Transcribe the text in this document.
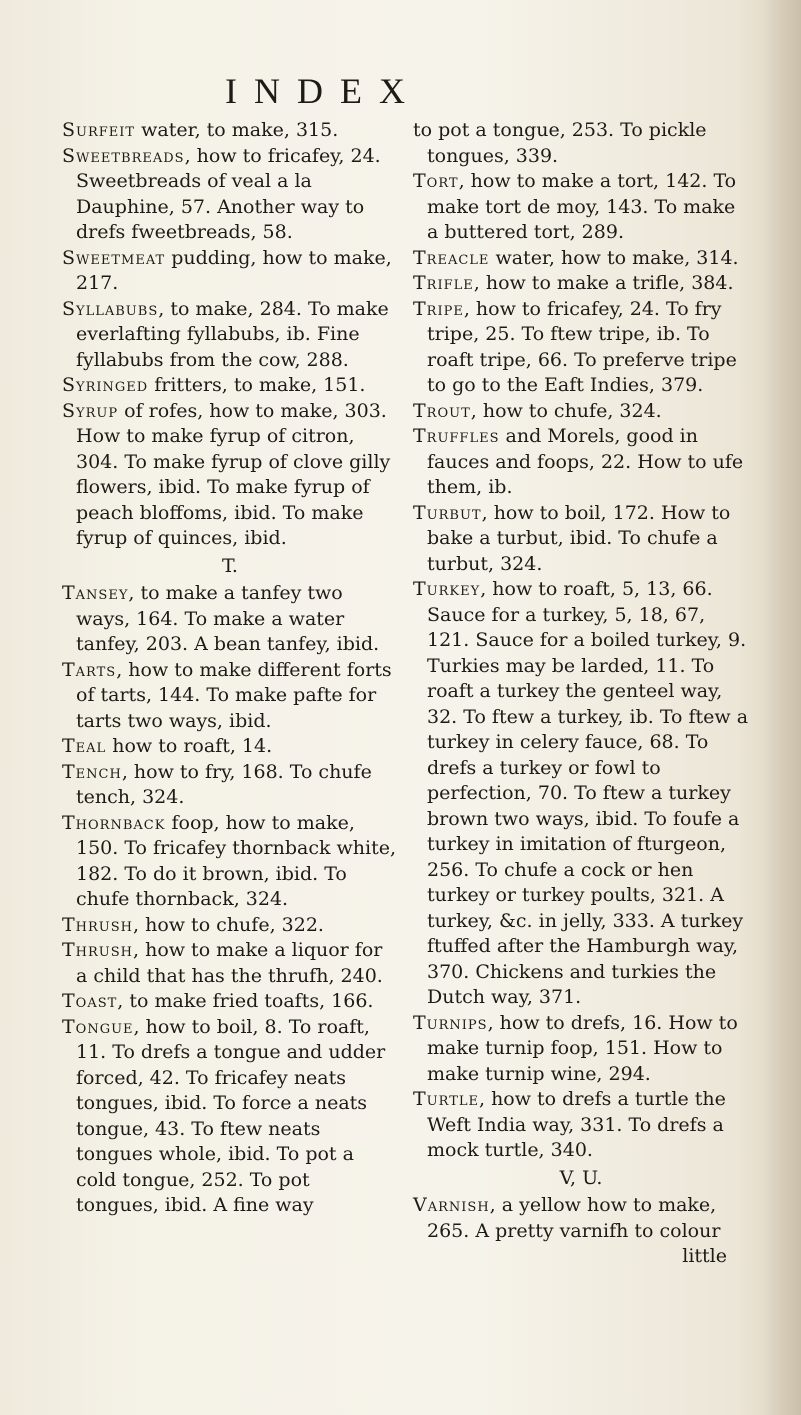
INDEX

Surfeit water, to make, 315.

Sweetbreads, how to fricafey, 24. Sweetbreads of veal a la Dauphine, 57. Another way to drefs fweetbreads, 58.

Sweetmeat pudding, how to make, 217.

Syllabubs, to make, 284. To make everlafting fyllabubs, ib. Fine fyllabubs from the cow, 288.

Syringed fritters, to make, 151.

Syrup of rofes, how to make, 303. How to make fyrup of citron, 304. To make fyrup of clove gilly flowers, ibid. To make fyrup of peach bloffoms, ibid. To make fyrup of quinces, ibid.

T.

Tansey, to make a tanfey two ways, 164. To make a water tanfey, 203. A bean tanfey, ibid.

Tarts, how to make different forts of tarts, 144. To make pafte for tarts two ways, ibid.

Teal how to roaft, 14.

Tench, how to fry, 168. To chufe tench, 324.

Thornback foop, how to make, 150. To fricafey thornback white, 182. To do it brown, ibid. To chufe thornback, 324.

Thrush, how to chufe, 322.

Thrush, how to make a liquor for a child that has the thrufh, 240.

Toast, to make fried toafts, 166.

Tongue, how to boil, 8. To roaft, 11. To drefs a tongue and udder forced, 42. To fricafey neats tongues, ibid. To force a neats tongue, 43. To ftew neats tongues whole, ibid. To pot a cold tongue, 252. To pot tongues, ibid. A fine way

to pot a tongue, 253. To pickle tongues, 339.

Tort, how to make a tort, 142. To make tort de moy, 143. To make a buttered tort, 289.

Treacle water, how to make, 314.

Trifle, how to make a trifle, 384.

Tripe, how to fricafey, 24. To fry tripe, 25. To ftew tripe, ib. To roaft tripe, 66. To preferve tripe to go to the Eaft Indies, 379.

Trout, how to chufe, 324.

Truffles and Morels, good in fauces and foops, 22. How to ufe them, ib.

Turbut, how to boil, 172. How to bake a turbut, ibid. To chufe a turbut, 324.

Turkey, how to roaft, 5, 13, 66. Sauce for a turkey, 5, 18, 67, 121. Sauce for a boiled turkey, 9. Turkies may be larded, 11. To roaft a turkey the genteel way, 32. To ftew a turkey, ib. To ftew a turkey in celery fauce, 68. To drefs a turkey or fowl to perfection, 70. To ftew a turkey brown two ways, ibid. To foufe a turkey in imitation of fturgeon, 256. To chufe a cock or hen turkey or turkey poults, 321. A turkey, &c. in jelly, 333. A turkey ftuffed after the Hamburgh way, 370. Chickens and turkies the Dutch way, 371.

Turnips, how to drefs, 16. How to make turnip foop, 151. How to make turnip wine, 294.

Turtle, how to drefs a turtle the Weft India way, 331. To drefs a mock turtle, 340.

V, U.

Varnish, a yellow how to make, 265. A pretty varnifh to colour

little
